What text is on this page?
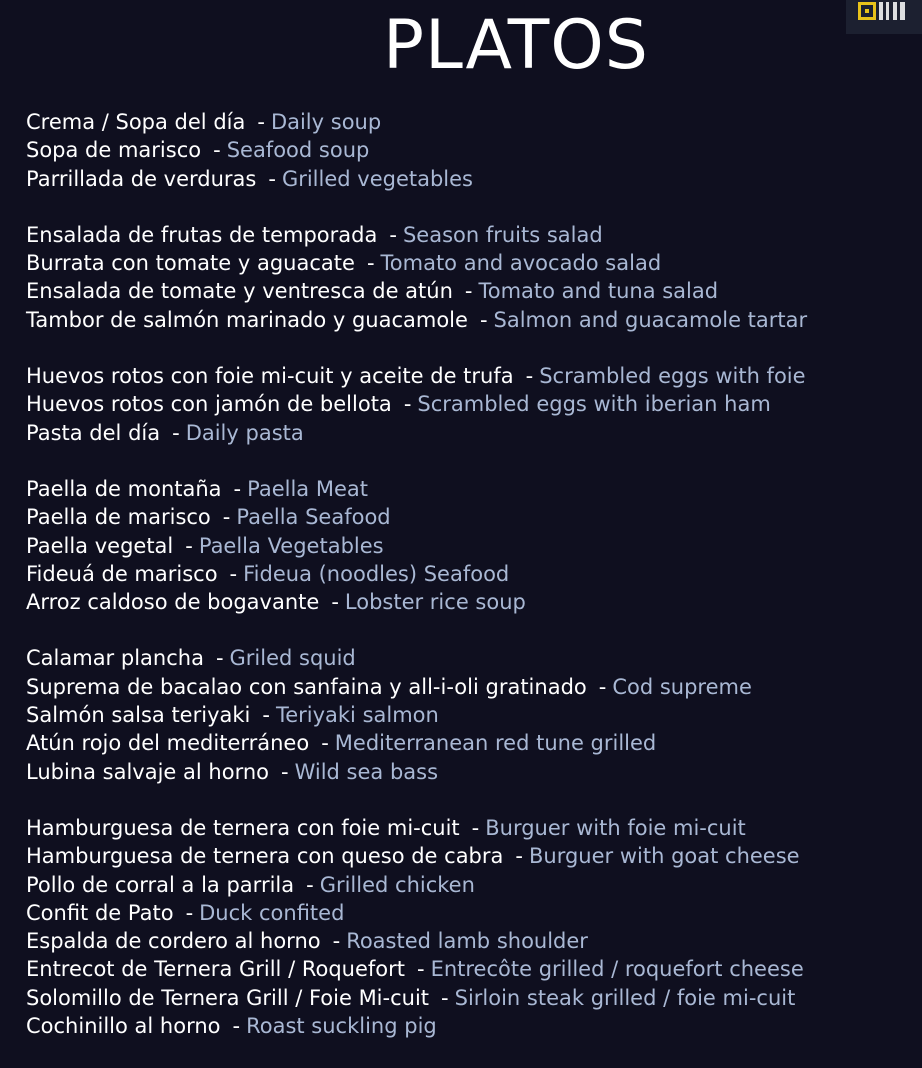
PLATOS
Crema / Sopa del día - Daily soup
Sopa de marisco - Seafood soup
Parrillada de verduras - Grilled vegetables
Ensalada de frutas de temporada - Season fruits salad
Burrata con tomate y aguacate - Tomato and avocado salad
Ensalada de tomate y ventresca de atún - Tomato and tuna salad
Tambor de salmón marinado y guacamole - Salmon and guacamole tartar
Huevos rotos con foie mi-cuit y aceite de trufa - Scrambled eggs with foie
Huevos rotos con jamón de bellota - Scrambled eggs with iberian ham
Pasta del día - Daily pasta
Paella de montaña - Paella Meat
Paella de marisco - Paella Seafood
Paella vegetal - Paella Vegetables
Fideuá de marisco - Fideua (noodles) Seafood
Arroz caldoso de bogavante - Lobster rice soup
Calamar plancha - Griled squid
Suprema de bacalao con sanfaina y all-i-oli gratinado - Cod supreme
Salmón salsa teriyaki - Teriyaki salmon
Atún rojo del mediterráneo - Mediterranean red tune grilled
Lubina salvaje al horno - Wild sea bass
Hamburguesa de ternera con foie mi-cuit - Burguer with foie mi-cuit
Hamburguesa de ternera con queso de cabra - Burguer with goat cheese
Pollo de corral a la parrila - Grilled chicken
Confit de Pato - Duck confited
Espalda de cordero al horno - Roasted lamb shoulder
Entrecot de Ternera Grill / Roquefort - Entrecôte grilled / roquefort cheese
Solomillo de Ternera Grill / Foie Mi-cuit - Sirloin steak grilled / foie mi-cuit
Cochinillo al horno - Roast suckling pig
